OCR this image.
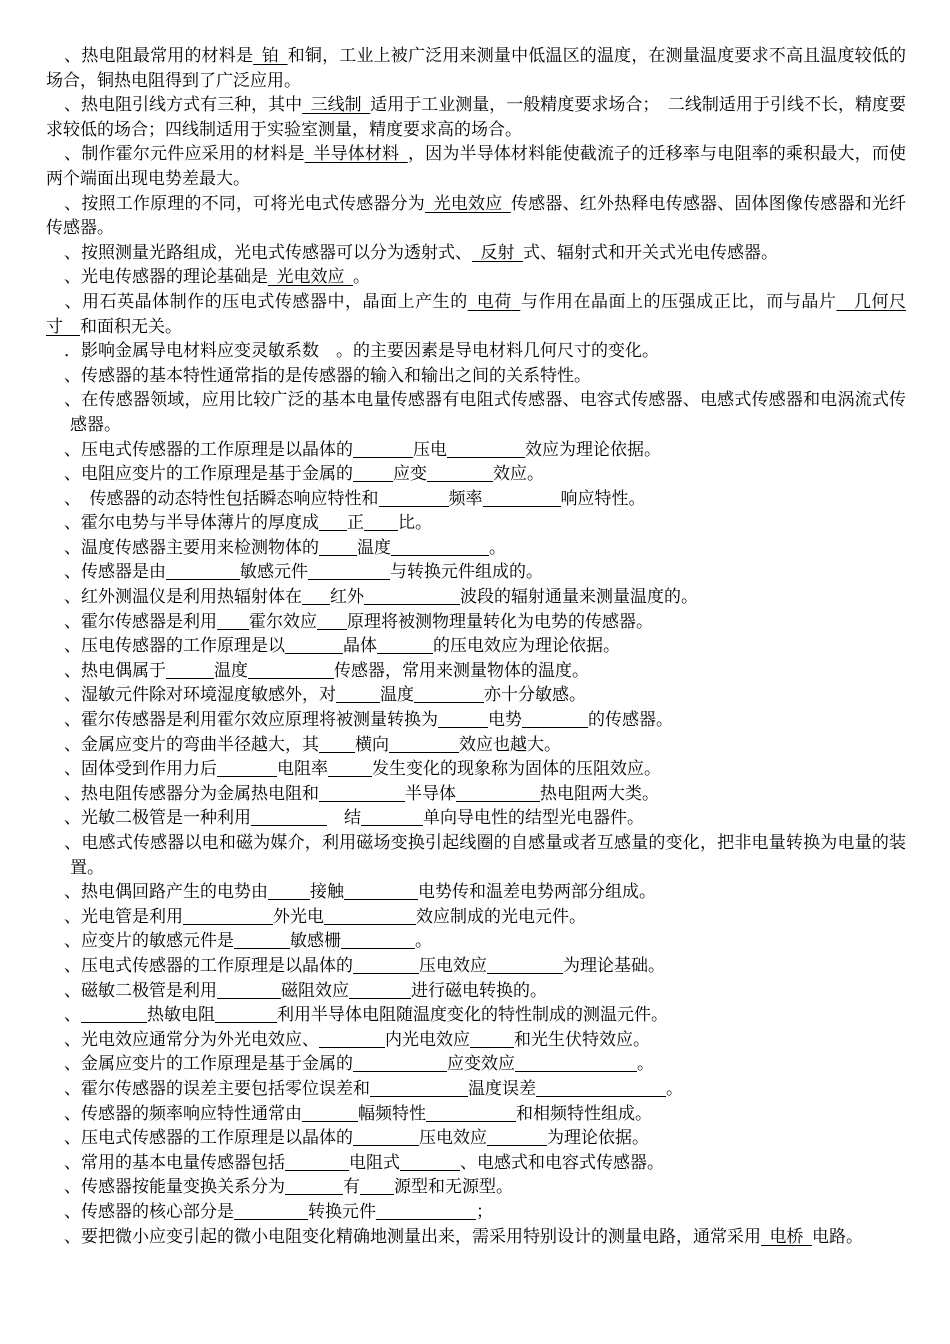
、热电阻最常用的材料是  铂  和铜，工业上被广泛用来测量中低温区的温度，在测量温度要求不高且温度较低的场合，铜热电阻得到了广泛应用。

、热电阻引线方式有三种，其中  三线制  适用于工业测量，一般精度要求场合；　二线制适用于引线不长，精度要求较低的场合；四线制适用于实验室测量，精度要求高的场合。

、制作霍尔元件应采用的材料是  半导体材料  ，因为半导体材料能使截流子的迁移率与电阻率的乘积最大，而使两个端面出现电势差最大。

、按照工作原理的不同，可将光电式传感器分为  光电效应  传感器、红外热释电传感器、固体图像传感器和光纤传感器。

、按照测量光路组成，光电式传感器可以分为透射式、  反射  式、辐射式和开关式光电传感器。

、光电传感器的理论基础是  光电效应  。

、用石英晶体制作的压电式传感器中，晶面上产生的  电荷  与作用在晶面上的压强成正比，而与晶片   几何尺寸   和面积无关。

．影响金属导电材料应变灵敏系数　。的主要因素是导电材料几何尺寸的变化。

、传感器的基本特性通常指的是传感器的输入和输出之间的关系特性。

、在传感器领域，应用比较广泛的基本电量传感器有电阻式传感器、电容式传感器、电感式传感器和电涡流式传感器。

、压电式传感器的工作原理是以晶体的	压电	效应为理论依据。

、电阻应变片的工作原理是基于金属的 应变	效应。

、　传感器的动态特性包括瞬态响应特性和	频率	响应特性。

、霍尔电势与半导体薄片的厚度成 正 比。

、温度传感器主要用来检测物体的 温度	。

、传感器是由	敏感元件	与转换元件组成的。

、红外测温仪是利用热辐射体在 红外	波段的辐射通量来测量温度的。

、霍尔传感器是利用 霍尔效应 原理将被测物理量转化为电势的传感器。

、压电传感器的工作原理是以	晶体	的压电效应为理论依据。

、热电偶属于	温度	传感器，常用来测量物体的温度。

、湿敏元件除对环境湿度敏感外，对	温度	亦十分敏感。

、霍尔传感器是利用霍尔效应原理将被测量转换为	电势	的传感器。

、金属应变片的弯曲半径越大，其 横向	效应也越大。

、固体受到作用力后	电阻率	发生变化的现象称为固体的压阻效应。

、热电阻传感器分为金属热电阻和	半导体	热电阻两大类。

、光敏二极管是一种利用	　结	单向导电性的结型光电器件。

、电感式传感器以电和磁为媒介，利用磁场变换引起线圈的自感量或者互感量的变化，把非电量转换为电量的装置。

、热电偶回路产生的电势由 接触	电势传和温差电势两部分组成。

、光电管是利用	外光电	效应制成的光电元件。

、应变片的敏感元件是	敏感栅	。

、压电式传感器的工作原理是以晶体的	压电效应	为理论基础。

、磁敏二极管是利用	磁阻效应	进行磁电转换的。

、	热敏电阻	利用半导体电阻随温度变化的特性制成的测温元件。

、光电效应通常分为外光电效应、	内光电效应	和光生伏特效应。

、金属应变片的工作原理是基于金属的	应变效应	。

、霍尔传感器的误差主要包括零位误差和	温度误差	。

、传感器的频率响应特性通常由	幅频特性	和相频特性组成。

、压电式传感器的工作原理是以晶体的	压电效应	为理论依据。

、常用的基本电量传感器包括	电阻式	、电感式和电容式传感器。

、传感器按能量变换关系分为	有 源型和无源型。

、传感器的核心部分是	转换元件	；

、要把微小应变引起的微小电阻变化精确地测量出来，需采用特别设计的测量电路，通常采用  电桥  电路。
